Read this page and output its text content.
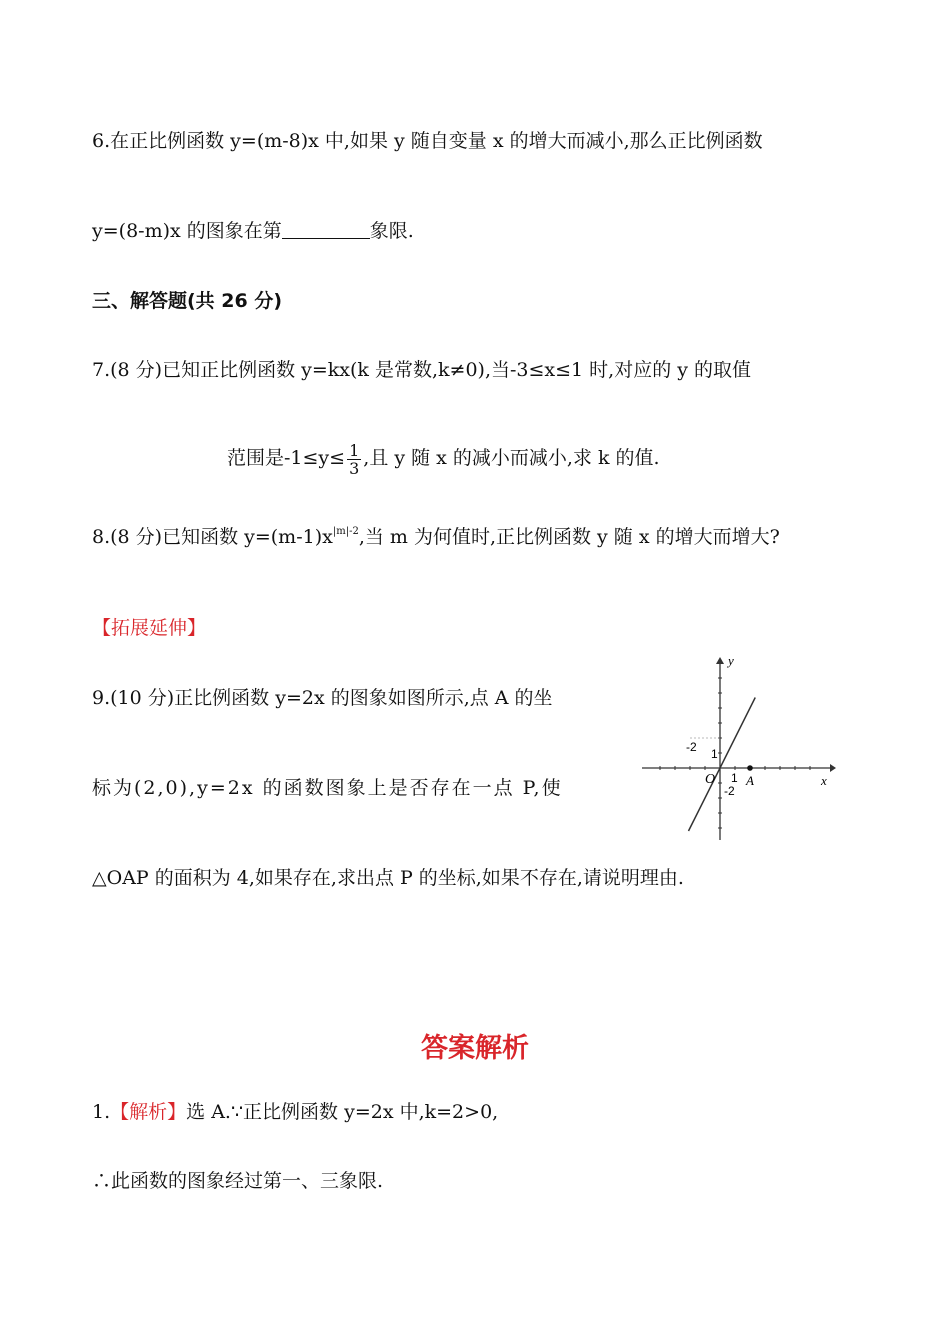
6.在正比例函数 y=(m-8)x 中,如果 y 随自变量 x 的增大而减小,那么正比例函数
y=(8-m)x 的图象在第	象限.
三、解答题(共 26 分)
7.(8 分)已知正比例函数 y=kx(k 是常数,k≠0),当-3≤x≤1 时,对应的 y 的取值
范围是$-1\le y\le \frac{1}{3}$ ,且 y 随 x 的减小而减小,求 k 的值.
8.(8 分)已知函数 $y=(m-1)x^{|m|-2}$,当 m 为何值时,正比例函数 y 随 x 的增大而增大?
【拓展延伸】
9.(10 分)正比例函数 y=2x 的图象如图所示,点 A 的坐
标为(2,0),y=2x 的函数图象上是否存在一点 P,使
△OAP 的面积为 4,如果存在,求出点 P 的坐标,如果不存在,请说明理由.
x
y
O A
1
-2 1
-2
答案解析
1.【解析】选 A.∵正比例函数 y=2x 中,k=2>0,
∴此函数的图象经过第一、三象限.
